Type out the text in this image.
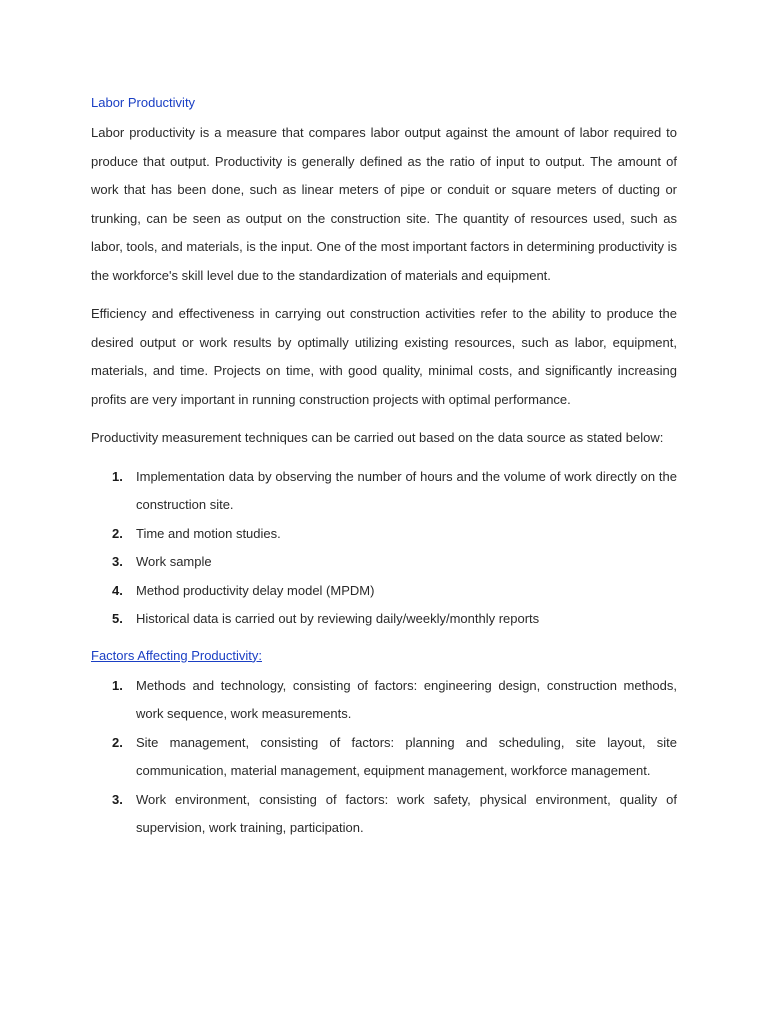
Labor Productivity

Labor productivity is a measure that compares labor output against the amount of labor required to produce that output. Productivity is generally defined as the ratio of input to output. The amount of work that has been done, such as linear meters of pipe or conduit or square meters of ducting or trunking, can be seen as output on the construction site. The quantity of resources used, such as labor, tools, and materials, is the input. One of the most important factors in determining productivity is the workforce's skill level due to the standardization of materials and equipment.

Efficiency and effectiveness in carrying out construction activities refer to the ability to produce the desired output or work results by optimally utilizing existing resources, such as labor, equipment, materials, and time. Projects on time, with good quality, minimal costs, and significantly increasing profits are very important in running construction projects with optimal performance.

Productivity measurement techniques can be carried out based on the data source as stated below:

1. Implementation data by observing the number of hours and the volume of work directly on the construction site.
2. Time and motion studies.
3. Work sample
4. Method productivity delay model (MPDM)
5. Historical data is carried out by reviewing daily/weekly/monthly reports
Factors Affecting Productivity:
1. Methods and technology, consisting of factors: engineering design, construction methods, work sequence, work measurements.
2. Site management, consisting of factors: planning and scheduling, site layout, site communication, material management, equipment management, workforce management.
3. Work environment, consisting of factors: work safety, physical environment, quality of supervision, work training, participation.
